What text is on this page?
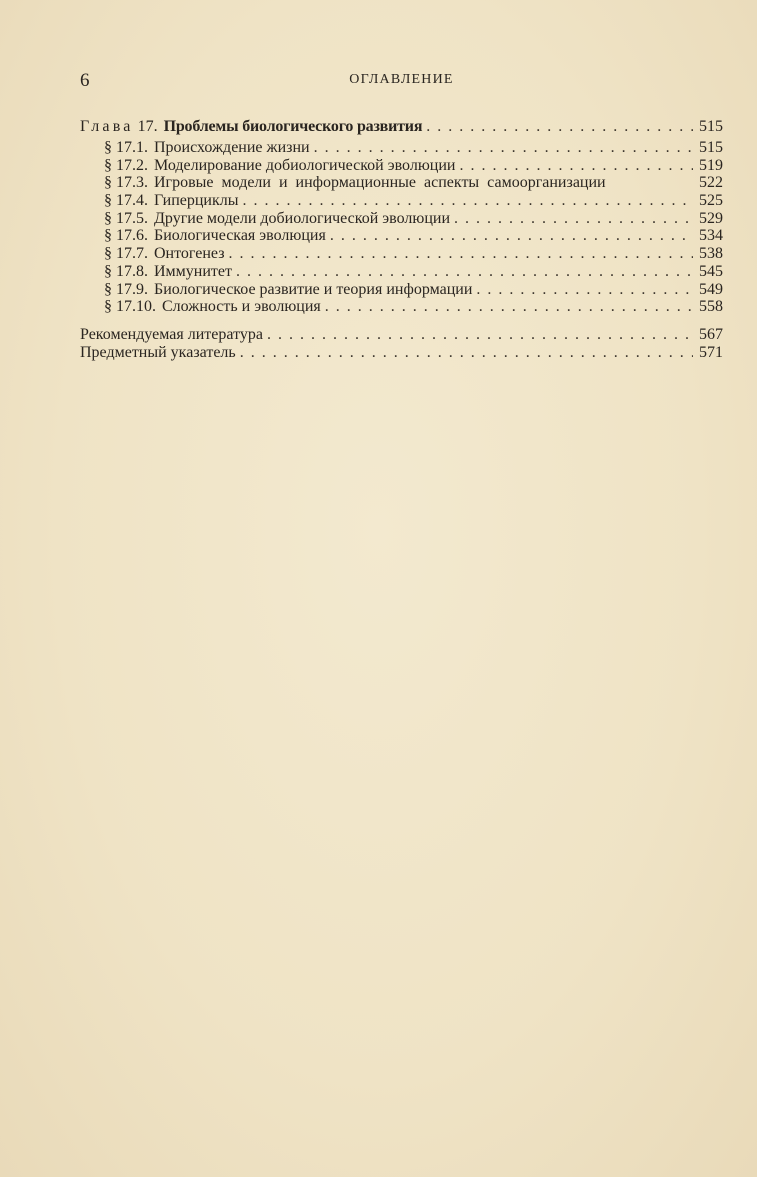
6	ОГЛАВЛЕНИЕ
Глава 17. Проблемы биологического развития . . .	515
§ 17.1. Происхождение жизни . . .	515
§ 17.2. Моделирование добиологической эволюции . . .	519
§ 17.3. Игровые модели и информационные аспекты самоорганизации	522
§ 17.4. Гиперциклы . . .	525
§ 17.5. Другие модели добиологической эволюции . . .	529
§ 17.6. Биологическая эволюция . . .	534
§ 17.7. Онтогенез . . .	538
§ 17.8. Иммунитет . . .	545
§ 17.9. Биологическое развитие и теория информации . . .	549
§ 17.10. Сложность и эволюция . . .	558
Рекомендуемая литература . . .	567
Предметный указатель . . .	571
